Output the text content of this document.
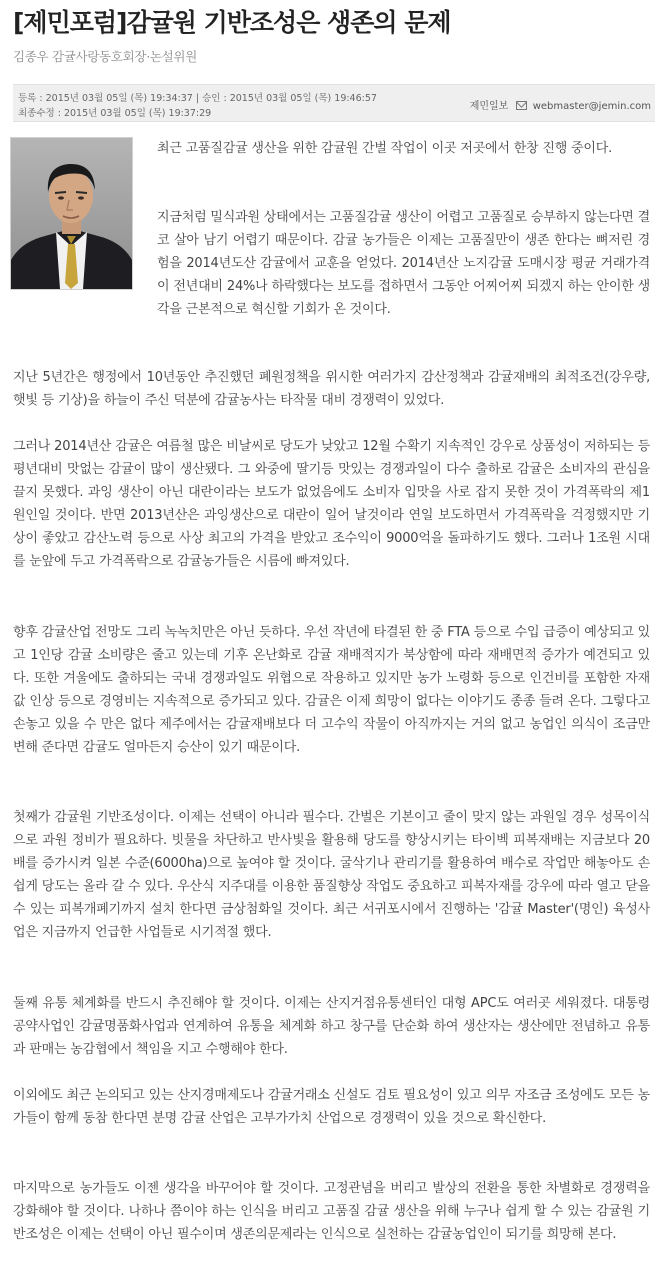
[제민포럼]감귤원 기반조성은 생존의 문제
김종우 감귤사랑동호회장·논설위원
등록 : 2015년 03월 05일 (목) 19:34:37 | 승인 : 2015년 03월 05일 (목) 19:46:57
최종수정 : 2015년 03월 05일 (목) 19:37:29
제민일보 webmaster@jemin.com

최근 고품질감귤 생산을 위한 감귤원 간벌 작업이 이곳 저곳에서 한창 진행 중이다.

지금처럼 밀식과원 상태에서는 고품질감귤 생산이 어렵고 고품질로 승부하지 않는다면 결코 살아 남기 어렵기 때문이다. 감귤 농가들은 이제는 고품질만이 생존 한다는 뼈저린 경험을 2014년도산 감귤에서 교훈을 얻었다. 2014년산 노지감귤 도매시장 평균 거래가격이 전년대비 24%나 하락했다는 보도를 접하면서 그동안 어찌어찌 되겠지 하는 안이한 생각을 근본적으로 혁신할 기회가 온 것이다.

지난 5년간은 행정에서 10년동안 추진했던 폐원정책을 위시한 여러가지 감산정책과 감귤재배의 최적조건(강우량, 햇빛 등 기상)을 하늘이 주신 덕분에 감귤농사는 타작물 대비 경쟁력이 있었다.

그러나 2014년산 감귤은 여름철 많은 비날씨로 당도가 낮았고 12월 수확기 지속적인 강우로 상품성이 저하되는 등 평년대비 맛없는 감귤이 많이 생산됐다. 그 와중에 딸기등 맛있는 경쟁과일이 다수 출하로 감귤은 소비자의 관심을 끌지 못했다. 과잉 생산이 아닌 대란이라는 보도가 없었음에도 소비자 입맛을 사로 잡지 못한 것이 가격폭락의 제1원인일 것이다. 반면 2013년산은 과잉생산으로 대란이 일어 날것이라 연일 보도하면서 가격폭락을 걱정했지만 기상이 좋았고 감산노력 등으로 사상 최고의 가격을 받았고 조수익이 9000억을 돌파하기도 했다. 그러나 1조원 시대를 눈앞에 두고 가격폭락으로 감귤농가들은 시름에 빠져있다.

향후 감귤산업 전망도 그리 녹녹치만은 아닌 듯하다. 우선 작년에 타결된 한 중 FTA 등으로 수입 급증이 예상되고 있고 1인당 감귤 소비량은 줄고 있는데 기후 온난화로 감귤 재배적지가 북상함에 따라 재배면적 증가가 예견되고 있다. 또한 겨울에도 출하되는 국내 경쟁과일도 위협으로 작용하고 있지만 농가 노령화 등으로 인건비를 포함한 자재값 인상 등으로 경영비는 지속적으로 증가되고 있다. 감귤은 이제 희망이 없다는 이야기도 종종 들려 온다. 그렇다고 손놓고 있을 수 만은 없다 제주에서는 감귤재배보다 더 고수익 작물이 아직까지는 거의 없고 농업인 의식이 조금만 변해 준다면 감귤도 얼마든지 승산이 있기 때문이다.

첫째가 감귤원 기반조성이다. 이제는 선택이 아니라 필수다. 간벌은 기본이고 줄이 맞지 않는 과원일 경우 성목이식으로 과원 정비가 필요하다. 빗물을 차단하고 반사빛을 활용해 당도를 향상시키는 타이벡 피복재배는 지금보다 20배를 증가시켜 일본 수준(6000ha)으로 높여야 할 것이다. 굴삭기나 관리기를 활용하여 배수로 작업만 해놓아도 손쉽게 당도는 올라 갈 수 있다. 우산식 지주대를 이용한 품질향상 작업도 중요하고 피복자재를 강우에 따라 열고 닫을 수 있는 피복개폐기까지 설치 한다면 금상첨화일 것이다. 최근 서귀포시에서 진행하는 '감귤 Master'(명인) 육성사업은 지금까지 언급한 사업들로 시기적절 했다.

둘째 유통 체계화를 반드시 추진해야 할 것이다. 이제는 산지거점유통센터인 대형 APC도 여러곳 세워졌다. 대통령 공약사업인 감귤명품화사업과 연계하여 유통을 체계화 하고 창구를 단순화 하여 생산자는 생산에만 전념하고 유통과 판매는 농감협에서 책임을 지고 수행해야 한다.

이외에도 최근 논의되고 있는 산지경매제도나 감귤거래소 신설도 검토 필요성이 있고 의무 자조금 조성에도 모든 농가들이 함께 동참 한다면 분명 감귤 산업은 고부가가치 산업으로 경쟁력이 있을 것으로 확신한다.

마지막으로 농가들도 이젠 생각을 바꾸어야 할 것이다. 고정관념을 버리고 발상의 전환을 통한 차별화로 경쟁력을 강화해야 할 것이다. 나하나 쯤이야 하는 인식을 버리고 고품질 감귤 생산을 위해 누구나 쉽게 할 수 있는 감귤원 기반조성은 이제는 선택이 아닌 필수이며 생존의문제라는 인식으로 실천하는 감귤농업인이 되기를 희망해 본다.
